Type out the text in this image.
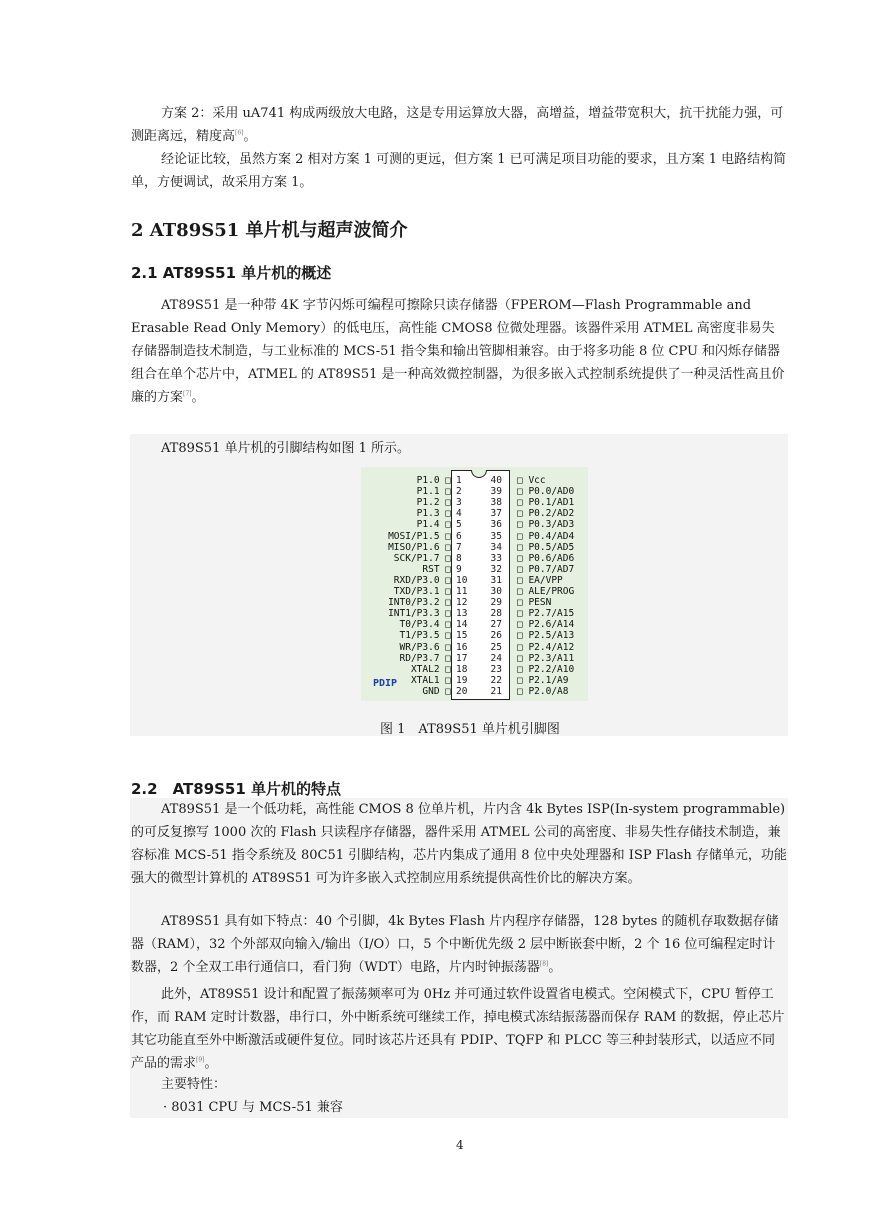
方案 2：采用 uA741 构成两级放大电路，这是专用运算放大器，高增益，增益带宽积大，抗干扰能力强，可测距离远，精度高[6]。

经论证比较，虽然方案 2 相对方案 1 可测的更远，但方案 1 已可满足项目功能的要求，且方案 1 电路结构简单，方便调试，故采用方案 1。

2 AT89S51 单片机与超声波简介
2.1 AT89S51 单片机的概述

AT89S51 是一种带 4K 字节闪烁可编程可擦除只读存储器（FPEROM—Flash Programmable and Erasable Read Only Memory）的低电压，高性能 CMOS8 位微处理器。该器件采用 ATMEL 高密度非易失存储器制造技术制造，与工业标准的 MCS-51 指令集和输出管脚相兼容。由于将多功能 8 位 CPU 和闪烁存储器组合在单个芯片中，ATMEL 的 AT89S51 是一种高效微控制器，为很多嵌入式控制系统提供了一种灵活性高且价廉的方案[7]。

AT89S51 单片机的引脚结构如图 1 所示。

P1.0 □ 1	40 □ Vcc
P1.1 □ 2	39 □ P0.0/AD0
P1.2 □ 3	38 □ P0.1/AD1
P1.3 □ 4	37 □ P0.2/AD2
P1.4 □ 5	36 □ P0.3/AD3
MOSI/P1.5 □ 6	35 □ P0.4/AD4
MISO/P1.6 □ 7	34 □ P0.5/AD5
SCK/P1.7 □ 8	33 □ P0.6/AD6
RST □ 9	32 □ P0.7/AD7
RXD/P3.0 □ 10	31 □ EA/VPP
TXD/P3.1 □ 11	30 □ ALE/PROG
INT0/P3.2 □ 12	29 □ PESN
INT1/P3.3 □ 13	28 □ P2.7/A15
T0/P3.4 □ 14	27 □ P2.6/A14
T1/P3.5 □ 15	26 □ P2.5/A13
WR/P3.6 □ 16	25 □ P2.4/A12
RD/P3.7 □ 17	24 □ P2.3/A11
XTAL2 □ 18	23 □ P2.2/A10
XTAL1 □ 19	22 □ P2.1/A9
GND □ 20	21 □ P2.0/A8
PDIP
图 1　AT89S51 单片机引脚图
2.2　AT89S51 单片机的特点

AT89S51 是一个低功耗，高性能 CMOS 8 位单片机，片内含 4k Bytes ISP(In-system programmable) 的可反复擦写 1000 次的 Flash 只读程序存储器，器件采用 ATMEL 公司的高密度、非易失性存储技术制造，兼容标准 MCS-51 指令系统及 80C51 引脚结构，芯片内集成了通用 8 位中央处理器和 ISP Flash 存储单元，功能强大的微型计算机的 AT89S51 可为许多嵌入式控制应用系统提供高性价比的解决方案。

AT89S51 具有如下特点：40 个引脚，4k Bytes Flash 片内程序存储器，128 bytes 的随机存取数据存储器（RAM），32 个外部双向输入/输出（I/O）口，5 个中断优先级 2 层中断嵌套中断，2 个 16 位可编程定时计数器，2 个全双工串行通信口，看门狗（WDT）电路，片内时钟振荡器[8]。

此外，AT89S51 设计和配置了振荡频率可为 0Hz 并可通过软件设置省电模式。空闲模式下，CPU 暂停工作，而 RAM 定时计数器，串行口，外中断系统可继续工作，掉电模式冻结振荡器而保存 RAM 的数据，停止芯片其它功能直至外中断激活或硬件复位。同时该芯片还具有 PDIP、TQFP 和 PLCC 等三种封装形式，以适应不同产品的需求[9]。

主要特性：

· 8031 CPU 与 MCS-51 兼容

4
